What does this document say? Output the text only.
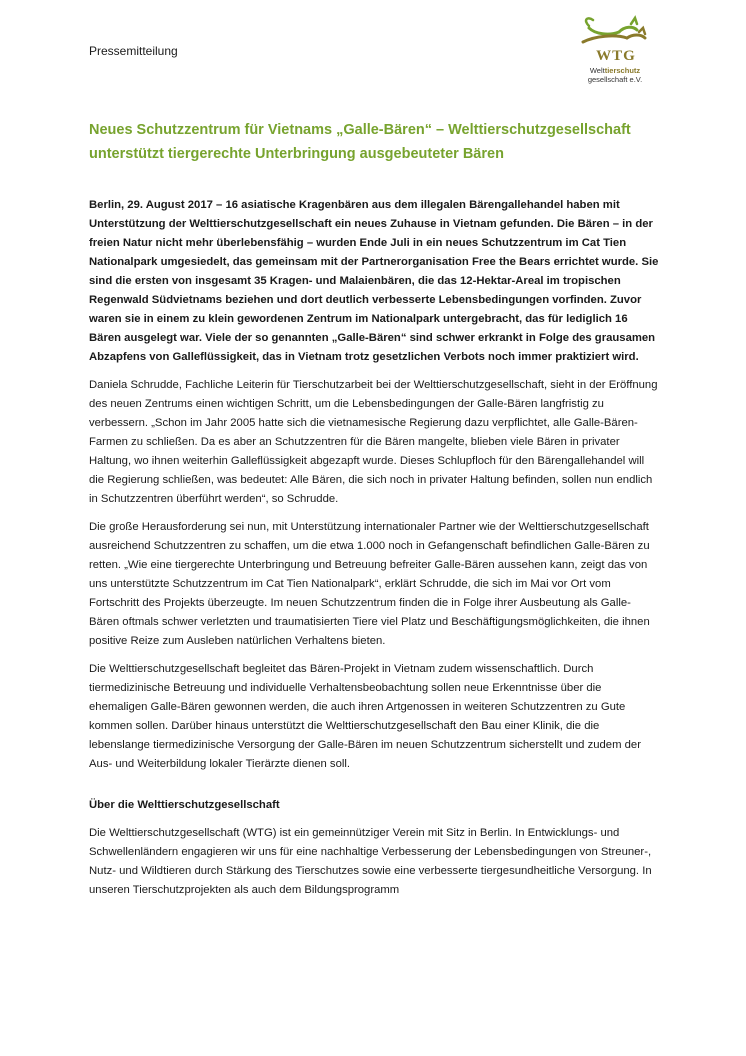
Pressemitteilung	WTG
Welttierschutz
gesellschaft e.V.
Neues Schutzzentrum für Vietnams „Galle-Bären“ – Welttierschutzgesellschaft unterstützt tiergerechte Unterbringung ausgebeuteter Bären

Berlin, 29. August 2017 – 16 asiatische Kragenbären aus dem illegalen Bärengallehandel haben mit Unterstützung der Welttierschutzgesellschaft ein neues Zuhause in Vietnam gefunden. Die Bären – in der freien Natur nicht mehr überlebensfähig – wurden Ende Juli in ein neues Schutzzentrum im Cat Tien Nationalpark umgesiedelt, das gemeinsam mit der Partnerorganisation Free the Bears errichtet wurde. Sie sind die ersten von insgesamt 35 Kragen- und Malaienbären, die das 12-Hektar-Areal im tropischen Regenwald Südvietnams beziehen und dort deutlich verbesserte Lebensbedingungen vorfinden. Zuvor waren sie in einem zu klein gewordenen Zentrum im Nationalpark untergebracht, das für lediglich 16 Bären ausgelegt war. Viele der so genannten „Galle-Bären“ sind schwer erkrankt in Folge des grausamen Abzapfens von Galleflüssigkeit, das in Vietnam trotz gesetzlichen Verbots noch immer praktiziert wird.

Daniela Schrudde, Fachliche Leiterin für Tierschutzarbeit bei der Welttierschutzgesellschaft, sieht in der Eröffnung des neuen Zentrums einen wichtigen Schritt, um die Lebensbedingungen der Galle-Bären langfristig zu verbessern. „Schon im Jahr 2005 hatte sich die vietnamesische Regierung dazu verpflichtet, alle Galle-Bären-Farmen zu schließen. Da es aber an Schutzzentren für die Bären mangelte, blieben viele Bären in privater Haltung, wo ihnen weiterhin Galleflüssigkeit abgezapft wurde. Dieses Schlupfloch für den Bärengallehandel will die Regierung schließen, was bedeutet: Alle Bären, die sich noch in privater Haltung befinden, sollen nun endlich in Schutzzentren überführt werden“, so Schrudde.

Die große Herausforderung sei nun, mit Unterstützung internationaler Partner wie der Welttierschutzgesellschaft ausreichend Schutzzentren zu schaffen, um die etwa 1.000 noch in Gefangenschaft befindlichen Galle-Bären zu retten. „Wie eine tiergerechte Unterbringung und Betreuung befreiter Galle-Bären aussehen kann, zeigt das von uns unterstützte Schutzzentrum im Cat Tien Nationalpark“, erklärt Schrudde, die sich im Mai vor Ort vom Fortschritt des Projekts überzeugte. Im neuen Schutzzentrum finden die in Folge ihrer Ausbeutung als Galle-Bären oftmals schwer verletzten und traumatisierten Tiere viel Platz und Beschäftigungsmöglichkeiten, die ihnen positive Reize zum Ausleben natürlichen Verhaltens bieten.

Die Welttierschutzgesellschaft begleitet das Bären-Projekt in Vietnam zudem wissenschaftlich. Durch tiermedizinische Betreuung und individuelle Verhaltensbeobachtung sollen neue Erkenntnisse über die ehemaligen Galle-Bären gewonnen werden, die auch ihren Artgenossen in weiteren Schutzzentren zu Gute kommen sollen. Darüber hinaus unterstützt die Welttierschutzgesellschaft den Bau einer Klinik, die die lebenslange tiermedizinische Versorgung der Galle-Bären im neuen Schutzzentrum sicherstellt und zudem der Aus- und Weiterbildung lokaler Tierärzte dienen soll.

Über die Welttierschutzgesellschaft

Die Welttierschutzgesellschaft (WTG) ist ein gemeinnütziger Verein mit Sitz in Berlin. In Entwicklungs- und Schwellenländern engagieren wir uns für eine nachhaltige Verbesserung der Lebensbedingungen von Streuner-, Nutz- und Wildtieren durch Stärkung des Tierschutzes sowie eine verbesserte tiergesundheitliche Versorgung. In unseren Tierschutzprojekten als auch dem Bildungsprogramm
